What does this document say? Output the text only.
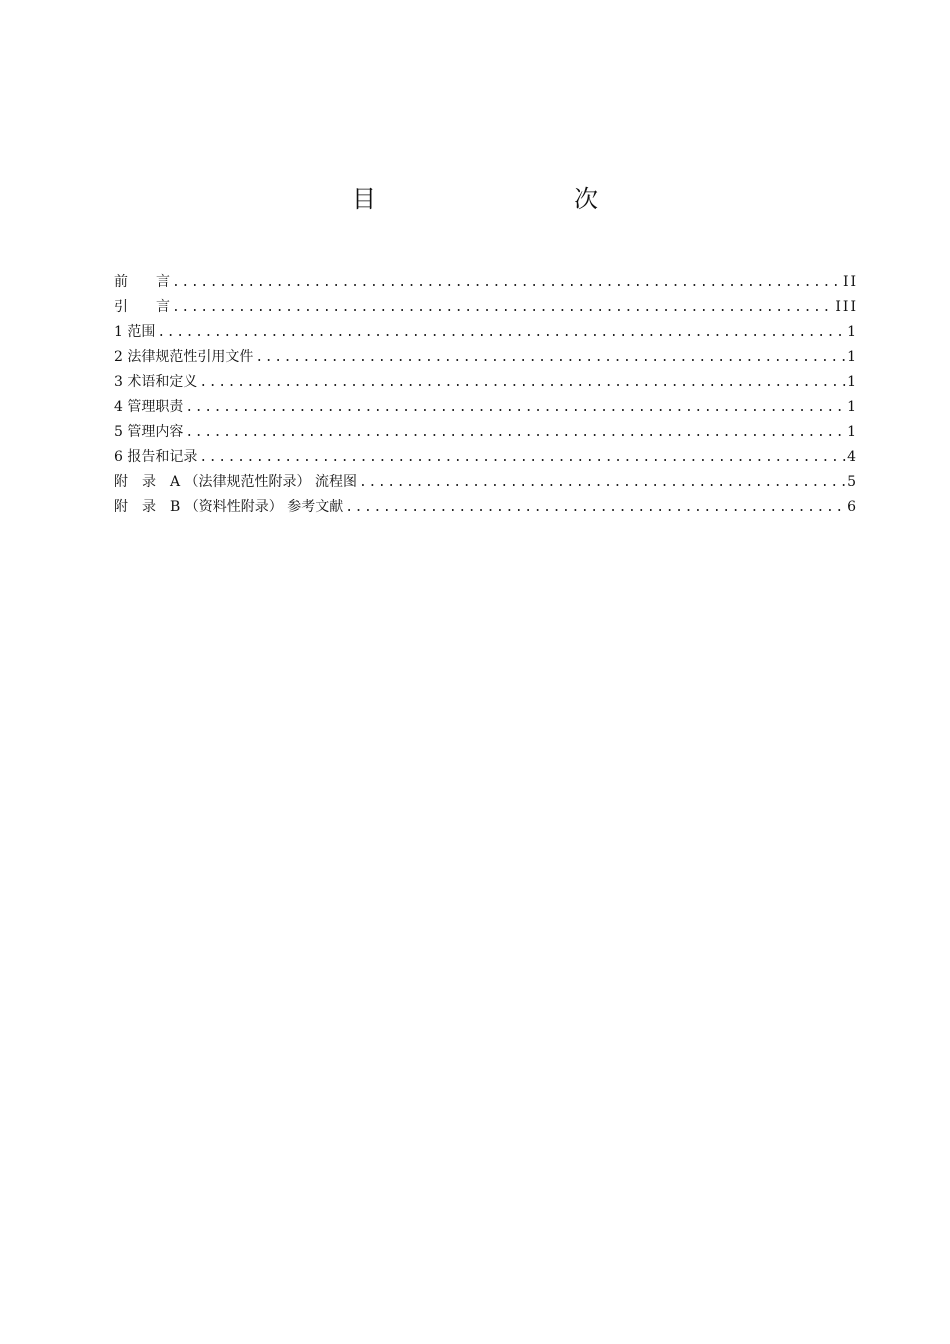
目　　次
前　　言 .....	II
引　　言 .....	III
1 范围 .....	1
2 法律规范性引用文件 .....	1
3 术语和定义 .....	1
4 管理职责 .....	1
5 管理内容 .....	1
6 报告和记录 .....	4
附　录　A （法律规范性附录） 流程图 .....	5
附　录　B （资料性附录） 参考文献 .....	6
